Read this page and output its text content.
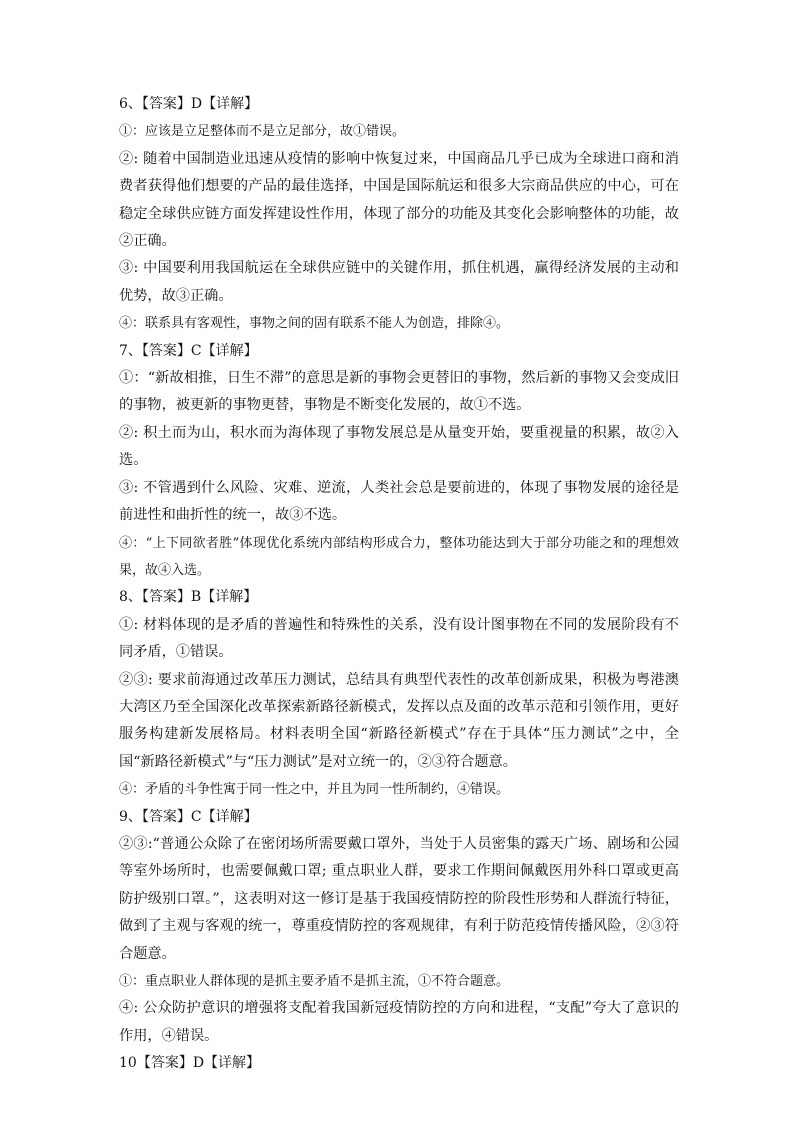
6、【答案】D【详解】
①：应该是立足整体而不是立足部分，故①错误。
②: 随着中国制造业迅速从疫情的影响中恢复过来，中国商品几乎已成为全球进口商和消费者获得他们想要的产品的最佳选择，中国是国际航运和很多大宗商品供应的中心，可在稳定全球供应链方面发挥建设性作用，体现了部分的功能及其变化会影响整体的功能，故②正确。
③: 中国要利用我国航运在全球供应链中的关键作用，抓住机遇，赢得经济发展的主动和优势，故③正确。
④：联系具有客观性，事物之间的固有联系不能人为创造，排除④。
7、【答案】C【详解】
①：“新故相推，日生不滞”的意思是新的事物会更替旧的事物，然后新的事物又会变成旧的事物，被更新的事物更替，事物是不断变化发展的，故①不选。
②: 积土而为山，积水而为海体现了事物发展总是从量变开始，要重视量的积累，故②入选。
③: 不管遇到什么风险、灾难、逆流，人类社会总是要前进的，体现了事物发展的途径是前进性和曲折性的统一，故③不选。
④：“上下同欲者胜”体现优化系统内部结构形成合力，整体功能达到大于部分功能之和的理想效果，故④入选。
8、【答案】B【详解】
①: 材料体现的是矛盾的普遍性和特殊性的关系，没有设计图事物在不同的发展阶段有不同矛盾，①错误。
②③: 要求前海通过改革压力测试，总结具有典型代表性的改革创新成果，积极为粤港澳大湾区乃至全国深化改革探索新路径新模式，发挥以点及面的改革示范和引领作用，更好服务构建新发展格局。材料表明全国“新路径新模式”存在于具体“压力测试”之中，全国“新路径新模式”与“压力测试”是对立统一的，②③符合题意。
④：矛盾的斗争性寓于同一性之中，并且为同一性所制约，④错误。
9、【答案】C【详解】
②③:“普通公众除了在密闭场所需要戴口罩外，当处于人员密集的露天广场、剧场和公园等室外场所时，也需要佩戴口罩; 重点职业人群，要求工作期间佩戴医用外科口罩或更高防护级别口罩。”，这表明对这一修订是基于我国疫情防控的阶段性形势和人群流行特征，做到了主观与客观的统一，尊重疫情防控的客观规律，有利于防范疫情传播风险，②③符合题意。
①：重点职业人群体现的是抓主要矛盾不是抓主流，①不符合题意。
④: 公众防护意识的增强将支配着我国新冠疫情防控的方向和进程，“支配”夸大了意识的作用，④错误。
10【答案】D【详解】
